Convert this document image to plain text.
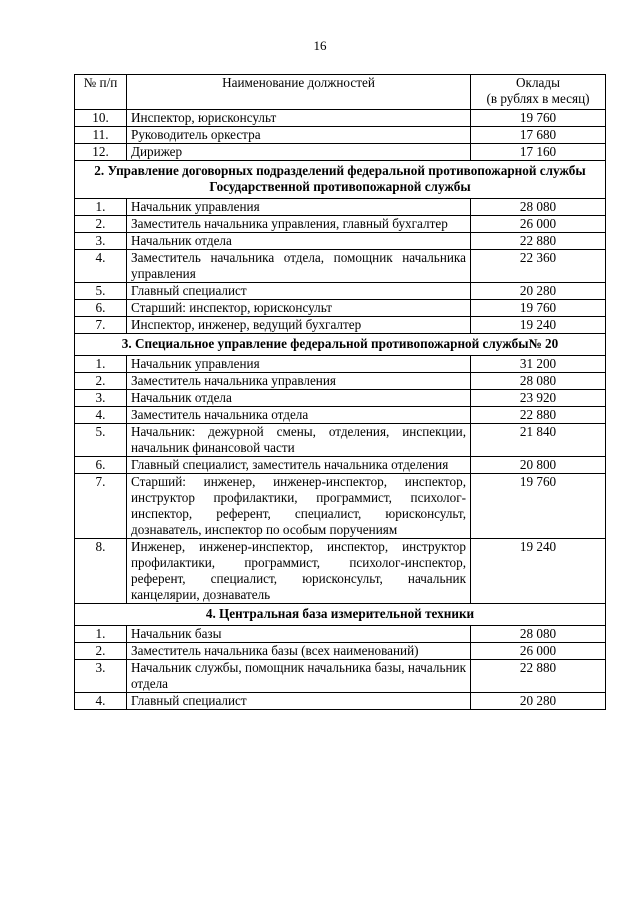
16
№ п/п	Наименование должностей	Оклады
(в рублях в месяц)

10.	Инспектор, юрисконсульт	19 760
11.	Руководитель оркестра	17 680
12.	Дирижер	17 160
2. Управление договорных подразделений федеральной противопожарной службы Государственной противопожарной службы		
1.	Начальник управления	28 080
2.	Заместитель начальника управления, главный бухгалтер	26 000
3.	Начальник отдела	22 880
4.	Заместитель начальника отдела, помощник начальника управления	22 360
5.	Главный специалист	20 280
6.	Старший: инспектор, юрисконсульт	19 760
7.	Инспектор, инженер, ведущий бухгалтер	19 240
3. Специальное управление федеральной противопожарной службы№ 20		
1.	Начальник управления	31 200
2.	Заместитель начальника управления	28 080
3.	Начальник отдела	23 920
4.	Заместитель начальника отдела	22 880
5.	Начальник: дежурной смены, отделения, инспекции, начальник финансовой части	21 840
6.	Главный специалист, заместитель начальника отделения	20 800
7.	Старший: инженер, инженер-инспектор, инспектор, инструктор профилактики, программист, психолог-инспектор, референт, специалист, юрисконсульт, дознаватель, инспектор по особым поручениям	19 760
8.	Инженер, инженер-инспектор, инспектор, инструктор профилактики, программист, психолог-инспектор, референт, специалист, юрисконсульт, начальник канцелярии, дознаватель	19 240
4. Центральная база измерительной техники		
1.	Начальник базы	28 080
2.	Заместитель начальника базы (всех наименований)	26 000
3.	Начальник службы, помощник начальника базы, начальник отдела	22 880
4.	Главный специалист	20 280
